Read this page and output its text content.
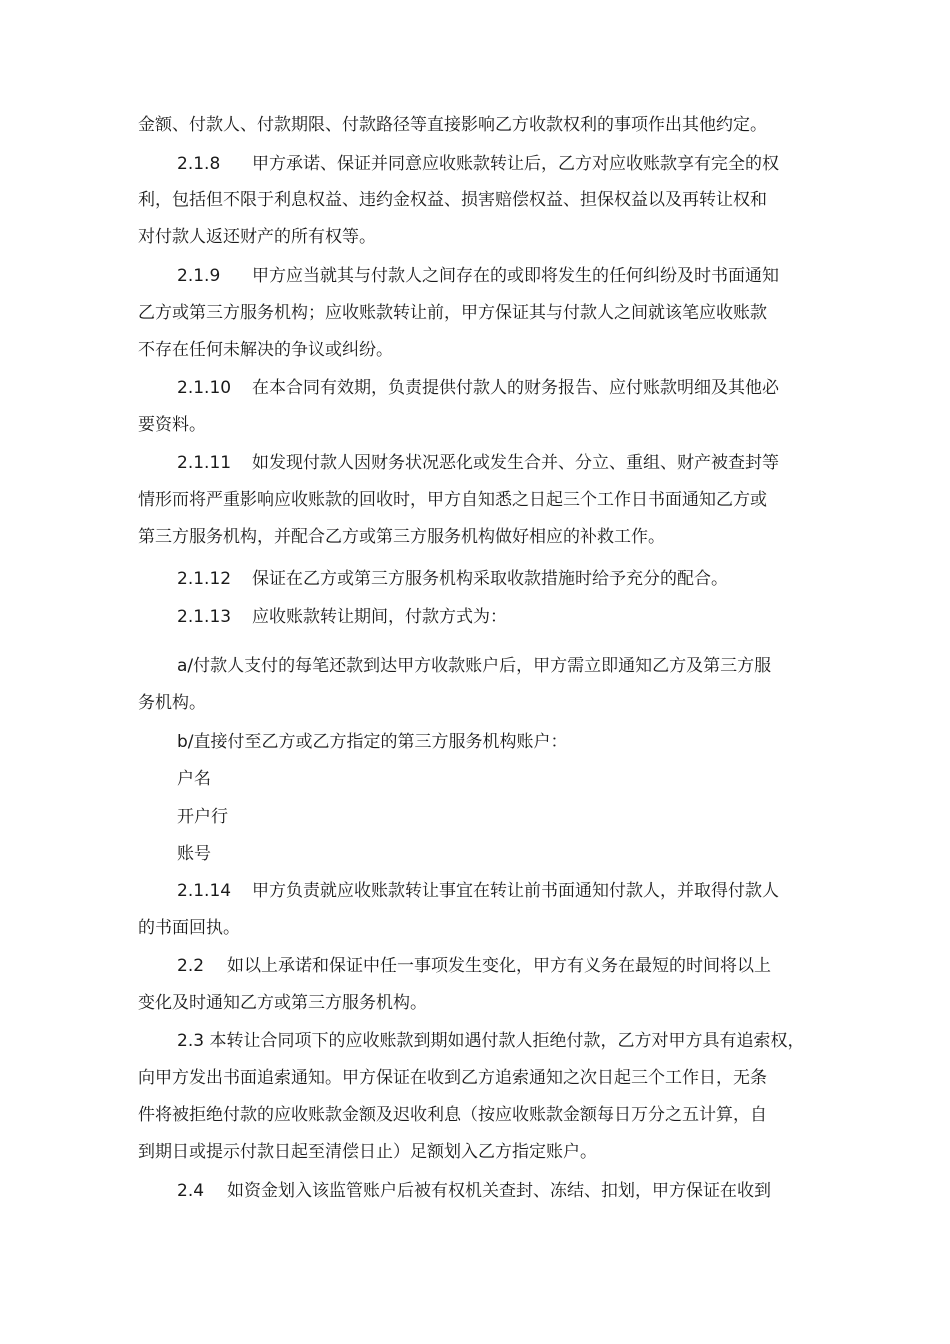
金额、付款人、付款期限、付款路径等直接影响乙方收款权利的事项作出其他约定。
2.1.8 甲方承诺、保证并同意应收账款转让后，乙方对应收账款享有完全的权
利，包括但不限于利息权益、违约金权益、损害赔偿权益、担保权益以及再转让权和
对付款人返还财产的所有权等。
2.1.9 甲方应当就其与付款人之间存在的或即将发生的任何纠纷及时书面通知
乙方或第三方服务机构；应收账款转让前，甲方保证其与付款人之间就该笔应收账款
不存在任何未解决的争议或纠纷。
2.1.10 在本合同有效期，负责提供付款人的财务报告、应付账款明细及其他必
要资料。
2.1.11 如发现付款人因财务状况恶化或发生合并、分立、重组、财产被查封等
情形而将严重影响应收账款的回收时，甲方自知悉之日起三个工作日书面通知乙方或
第三方服务机构，并配合乙方或第三方服务机构做好相应的补救工作。
2.1.12 保证在乙方或第三方服务机构采取收款措施时给予充分的配合。
2.1.13 应收账款转让期间，付款方式为：
a/付款人支付的每笔还款到达甲方收款账户后，甲方需立即通知乙方及第三方服
务机构。
b/直接付至乙方或乙方指定的第三方服务机构账户：
户名
开户行
账号
2.1.14 甲方负责就应收账款转让事宜在转让前书面通知付款人，并取得付款人
的书面回执。
2.2 如以上承诺和保证中任一事项发生变化，甲方有义务在最短的时间将以上
变化及时通知乙方或第三方服务机构。
2.3 本转让合同项下的应收账款到期如遇付款人拒绝付款，乙方对甲方具有追索权，
向甲方发出书面追索通知。甲方保证在收到乙方追索通知之次日起三个工作日，无条
件将被拒绝付款的应收账款金额及迟收利息（按应收账款金额每日万分之五计算，自
到期日或提示付款日起至清偿日止）足额划入乙方指定账户。
2.4 如资金划入该监管账户后被有权机关查封、冻结、扣划，甲方保证在收到
